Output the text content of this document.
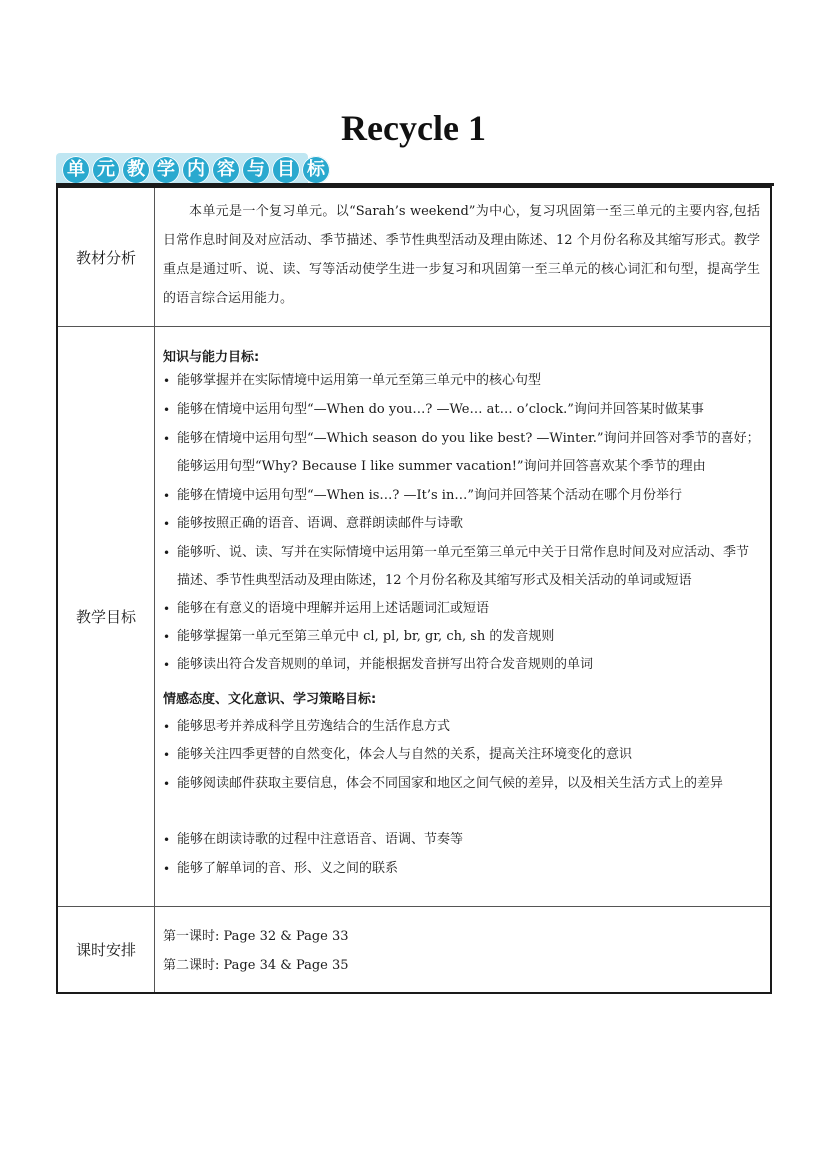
Recycle 1
单 元 教 学 内 容 与 目 标
教材分析
本单元是一个复习单元。以“Sarah’s weekend”为中心，复习巩固第一至三单元的主要内容,包括日常作息时间及对应活动、季节描述、季节性典型活动及理由陈述、12 个月份名称及其缩写形式。教学重点是通过听、说、读、写等活动使学生进一步复习和巩固第一至三单元的核心词汇和句型，提高学生的语言综合运用能力。
教学目标
知识与能力目标:
• 能够掌握并在实际情境中运用第一单元至第三单元中的核心句型
• 能够在情境中运用句型“—When do you…? —We… at… o’clock.”询问并回答某时做某事
• 能够在情境中运用句型“—Which season do you like best? —Winter.”询问并回答对季节的喜好；能够运用句型“Why? Because I like summer vacation!”询问并回答喜欢某个季节的理由
• 能够在情境中运用句型“—When is…? —It’s in…”询问并回答某个活动在哪个月份举行
• 能够按照正确的语音、语调、意群朗读邮件与诗歌
• 能够听、说、读、写并在实际情境中运用第一单元至第三单元中关于日常作息时间及对应活动、季节描述、季节性典型活动及理由陈述，12 个月份名称及其缩写形式及相关活动的单词或短语
• 能够在有意义的语境中理解并运用上述话题词汇或短语
• 能够掌握第一单元至第三单元中 cl, pl, br, gr, ch, sh 的发音规则
• 能够读出符合发音规则的单词，并能根据发音拼写出符合发音规则的单词
情感态度、文化意识、学习策略目标:
• 能够思考并养成科学且劳逸结合的生活作息方式
• 能够关注四季更替的自然变化，体会人与自然的关系，提高关注环境变化的意识
• 能够阅读邮件获取主要信息，体会不同国家和地区之间气候的差异，以及相关生活方式上的差异
• 能够在朗读诗歌的过程中注意语音、语调、节奏等
• 能够了解单词的音、形、义之间的联系
课时安排
第一课时: Page 32 & Page 33
第二课时: Page 34 & Page 35
